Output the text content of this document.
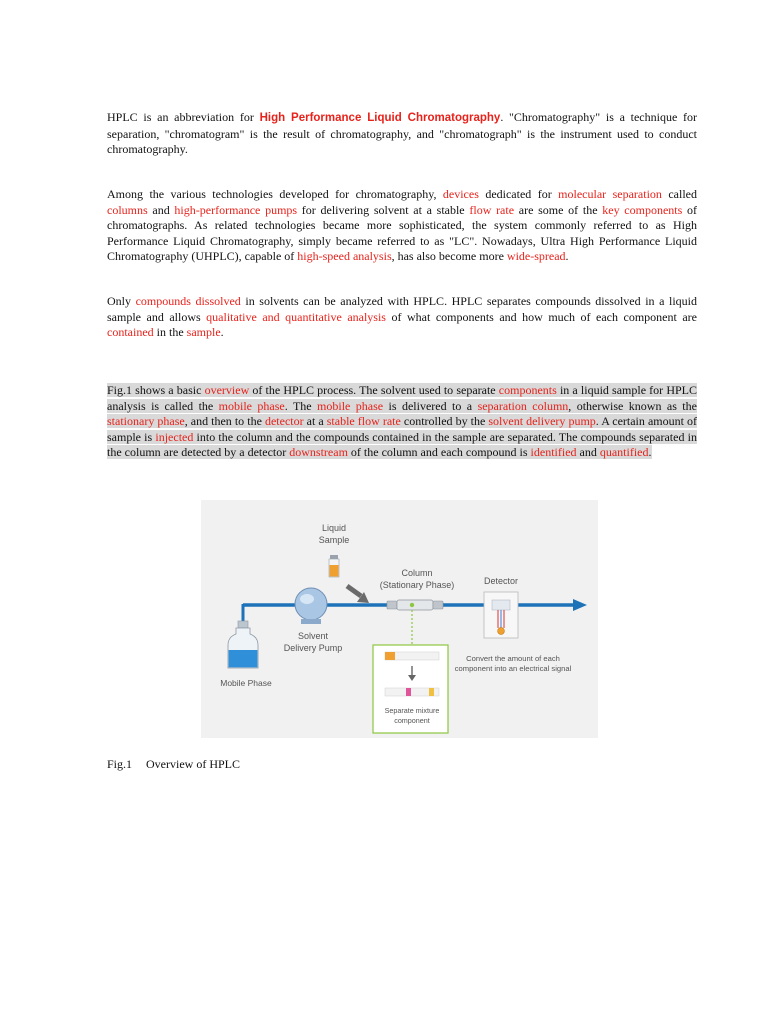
HPLC is an abbreviation for High Performance Liquid Chromatography. "Chromatography" is a technique for separation, "chromatogram" is the result of chromatography, and "chromatograph" is the instrument used to conduct chromatography.

Among the various technologies developed for chromatography, devices dedicated for molecular separation called columns and high-performance pumps for delivering solvent at a stable flow rate are some of the key components of chromatographs. As related technologies became more sophisticated, the system commonly referred to as High Performance Liquid Chromatography, simply became referred to as "LC". Nowadays, Ultra High Performance Liquid Chromatography (UHPLC), capable of high-speed analysis, has also become more wide-spread.

Only compounds dissolved in solvents can be analyzed with HPLC. HPLC separates compounds dissolved in a liquid sample and allows qualitative and quantitative analysis of what components and how much of each component are contained in the sample.

Fig.1 shows a basic overview of the HPLC process. The solvent used to separate components in a liquid sample for HPLC analysis is called the mobile phase. The mobile phase is delivered to a separation column, otherwise known as the stationary phase, and then to the detector at a stable flow rate controlled by the solvent delivery pump. A certain amount of sample is injected into the column and the compounds contained in the sample are separated. The compounds separated in the column are detected by a detector downstream of the column and each compound is identified and quantified.

Mobile Phase
Solvent
Delivery Pump
Liquid
Sample
Column
(Stationary Phase)
Separate mixture
component
Detector
Convert the amount of each
component into an electrical signal
Fig.1 Overview of HPLC
